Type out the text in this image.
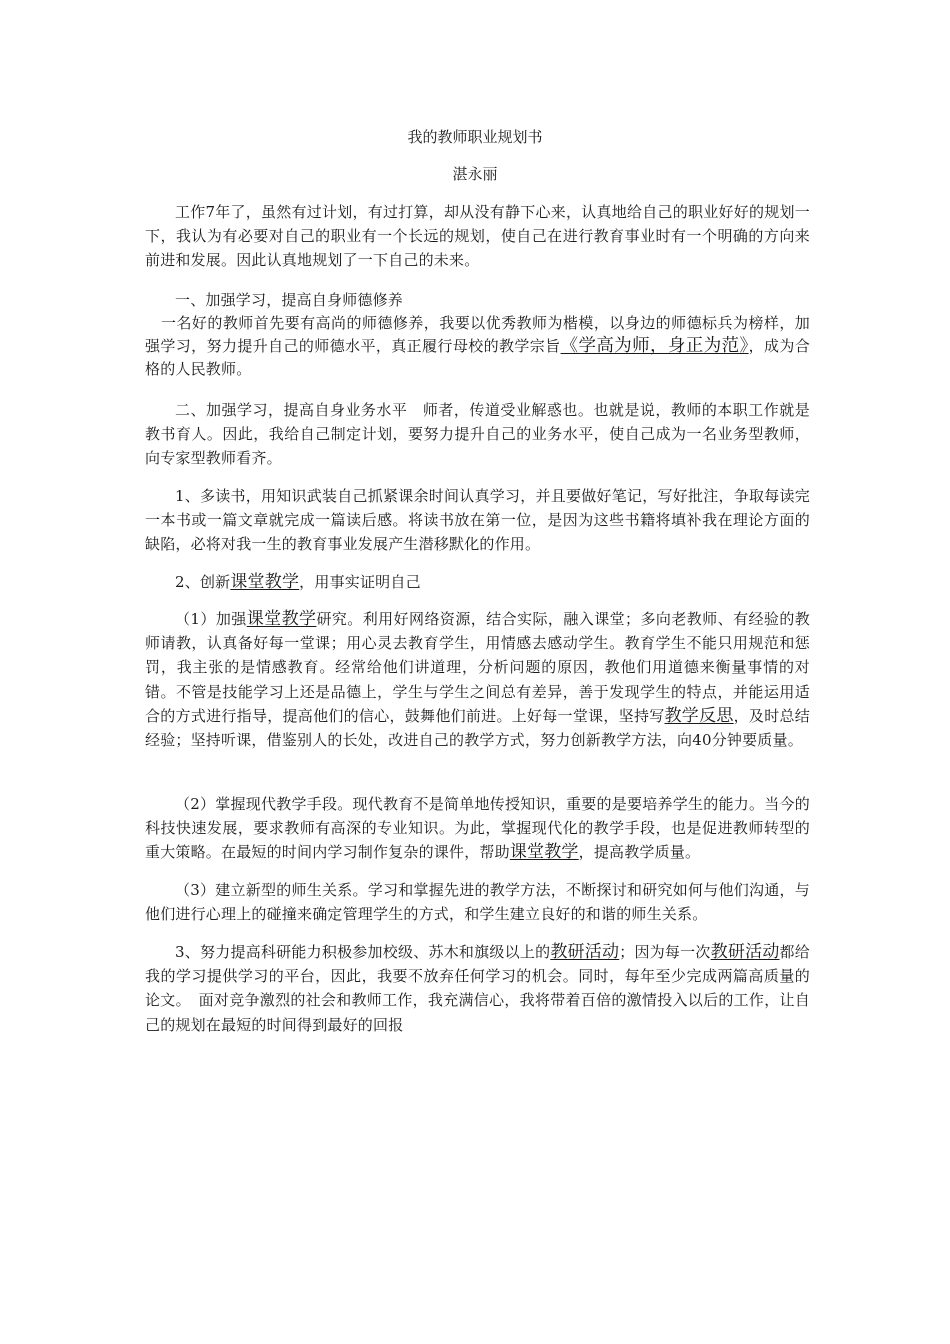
我的教师职业规划书
湛永丽

工作7年了，虽然有过计划，有过打算，却从没有静下心来，认真地给自己的职业好好的规划一下，我认为有必要对自己的职业有一个长远的规划，使自己在进行教育事业时有一个明确的方向来前进和发展。因此认真地规划了一下自己的未来。

一、加强学习，提高自身师德修养

一名好的教师首先要有高尚的师德修养，我要以优秀教师为楷模，以身边的师德标兵为榜样，加强学习，努力提升自己的师德水平，真正履行母校的教学宗旨《学高为师，身正为范》，成为合格的人民教师。

二、加强学习，提高自身业务水平　师者，传道受业解惑也。也就是说，教师的本职工作就是教书育人。因此，我给自己制定计划，要努力提升自己的业务水平，使自己成为一名业务型教师，向专家型教师看齐。

1、多读书，用知识武装自己抓紧课余时间认真学习，并且要做好笔记，写好批注，争取每读完一本书或一篇文章就完成一篇读后感。将读书放在第一位，是因为这些书籍将填补我在理论方面的缺陷，必将对我一生的教育事业发展产生潜移默化的作用。

2、创新课堂教学，用事实证明自己

（1）加强课堂教学研究。利用好网络资源，结合实际，融入课堂；多向老教师、有经验的教师请教，认真备好每一堂课；用心灵去教育学生，用情感去感动学生。教育学生不能只用规范和惩罚，我主张的是情感教育。经常给他们讲道理，分析问题的原因，教他们用道德来衡量事情的对错。不管是技能学习上还是品德上，学生与学生之间总有差异，善于发现学生的特点，并能运用适合的方式进行指导，提高他们的信心，鼓舞他们前进。上好每一堂课，坚持写教学反思，及时总结经验；坚持听课，借鉴别人的长处，改进自己的教学方式，努力创新教学方法，向40分钟要质量。

（2）掌握现代教学手段。现代教育不是简单地传授知识，重要的是要培养学生的能力。当今的科技快速发展，要求教师有高深的专业知识。为此，掌握现代化的教学手段，也是促进教师转型的重大策略。在最短的时间内学习制作复杂的课件，帮助课堂教学，提高教学质量。

（3）建立新型的师生关系。学习和掌握先进的教学方法，不断探讨和研究如何与他们沟通，与他们进行心理上的碰撞来确定管理学生的方式，和学生建立良好的和谐的师生关系。

3、努力提高科研能力积极参加校级、苏木和旗级以上的教研活动；因为每一次教研活动都给我的学习提供学习的平台，因此，我要不放弃任何学习的机会。同时，每年至少完成两篇高质量的论文。　面对竞争激烈的社会和教师工作，我充满信心，我将带着百倍的激情投入以后的工作，让自己的规划在最短的时间得到最好的回报
